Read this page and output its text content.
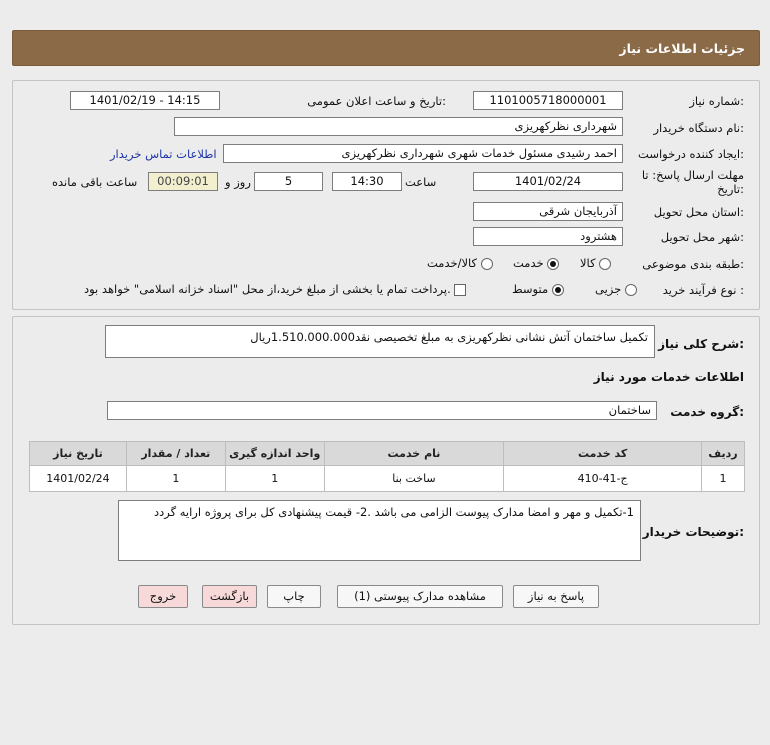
جزئیات اطلاعات نیاز
شماره نیاز:
1101005718000001
تاریخ و ساعت اعلان عمومی:
1401/02/19 - 14:15
نام دستگاه خریدار:
شهرداری نظرکهریزی
ایجاد کننده درخواست:
احمد رشیدی مسئول خدمات شهری شهرداری نظرکهریزی
اطلاعات تماس خریدار
مهلت ارسال پاسخ: تا
تاریخ:
1401/02/24
ساعت
14:30
5
روز و
00:09:01
ساعت باقی مانده
استان محل تحویل:
آذربایجان شرقی
شهر محل تحویل:
هشترود
طبقه بندی موضوعی:
کالا
خدمت
کالا/خدمت
نوع فرآیند خرید :
جزیی
متوسط
پرداخت تمام یا بخشی از مبلغ خرید،از محل "اسناد خزانه اسلامی" خواهد بود.
شرح کلی نیاز:
تکمیل ساختمان آتش نشانی نظرکهریزی به مبلغ تخصیصی نقد1.510.000.000ریال
اطلاعات خدمات مورد نیاز
گروه خدمت:
ساختمان
تاریخ نیاز	تعداد / مقدار	واحد اندازه گیری	نام خدمت	کد خدمت	ردیف
1401/02/24	1	1	ساخت بنا	ج-41-410	1
توضیحات خریدار:
1-تکمیل و مهر و امضا مدارک پیوست الزامی می باشد .2- قیمت پیشنهادی کل برای پروژه ارایه گردد
پاسخ به نیاز
مشاهده مدارک پیوستی (1)
چاپ
بازگشت
خروج
